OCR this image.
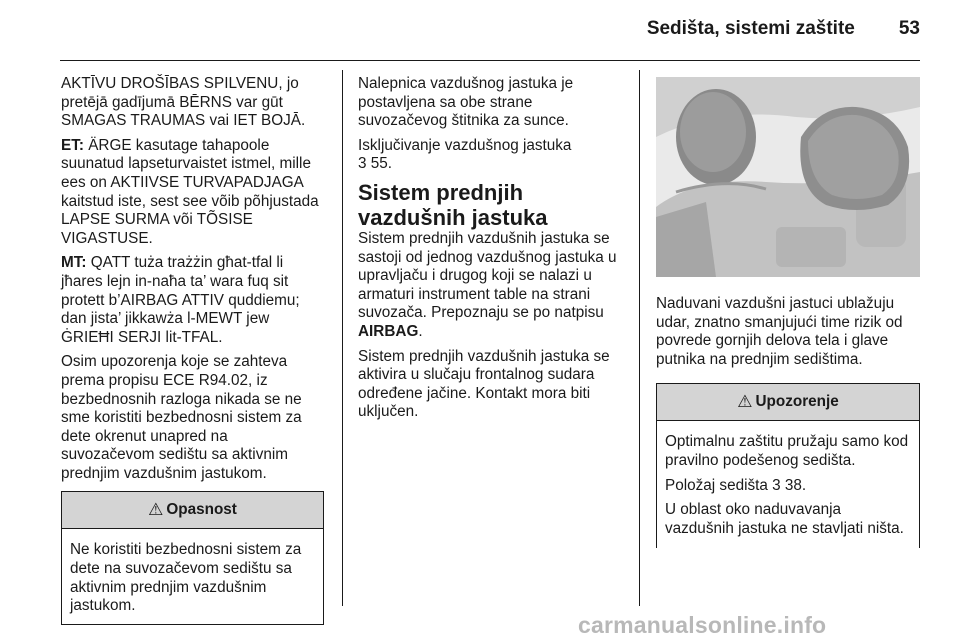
Sedišta, sistemi zaštite 53

AKTĪVU DROŠĪBAS SPILVENU, jo pretējā gadījumā BĒRNS var gūt SMAGAS TRAUMAS vai IET BOJĀ.

ET: ÄRGE kasutage tahapoole suunatud lapseturvaistet istmel, mille ees on AKTIIVSE TURVAPADJAGA kaitstud iste, sest see võib põhjustada LAPSE SURMA või TÕSISE VIGASTUSE.

MT: QATT tuża trażżin għat-tfal li jħares lejn in-naħa ta’ wara fuq sit protett b’AIRBAG ATTIV quddiemu; dan jista’ jikkawża l-MEWT jew ĠRIEĦI SERJI lit-TFAL.

Osim upozorenja koje se zahteva prema propisu ECE R94.02, iz bezbednosnih razloga nikada se ne sme koristiti bezbednosni sistem za dete okrenut unapred na suvozačevom sedištu sa aktivnim prednjim vazdušnim jastukom.

⚠ Opasnost
Ne koristiti bezbednosni sistem za dete na suvozačevom sedištu sa aktivnim prednjim vazdušnim jastukom.

Nalepnica vazdušnog jastuka je postavljena sa obe strane suvozačevog štitnika za sunce.

Isključivanje vazdušnog jastuka
3 55.

Sistem prednjih vazdušnih jastuka

Sistem prednjih vazdušnih jastuka se sastoji od jednog vazdušnog jastuka u upravljaču i drugog koji se nalazi u armaturi instrument table na strani suvozača. Prepoznaju se po natpisu AIRBAG.

Sistem prednjih vazdušnih jastuka se aktivira u slučaju frontalnog sudara određene jačine. Kontakt mora biti uključen.

Naduvani vazdušni jastuci ublažuju udar, znatno smanjujući time rizik od povrede gornjih delova tela i glave putnika na prednjim sedištima.

⚠ Upozorenje

Optimalnu zaštitu pružaju samo kod pravilno podešenog sedišta.

Položaj sedišta 3 38.

U oblast oko naduvavanja vazdušnih jastuka ne stavljati ništa.

carmanualsonline.info
